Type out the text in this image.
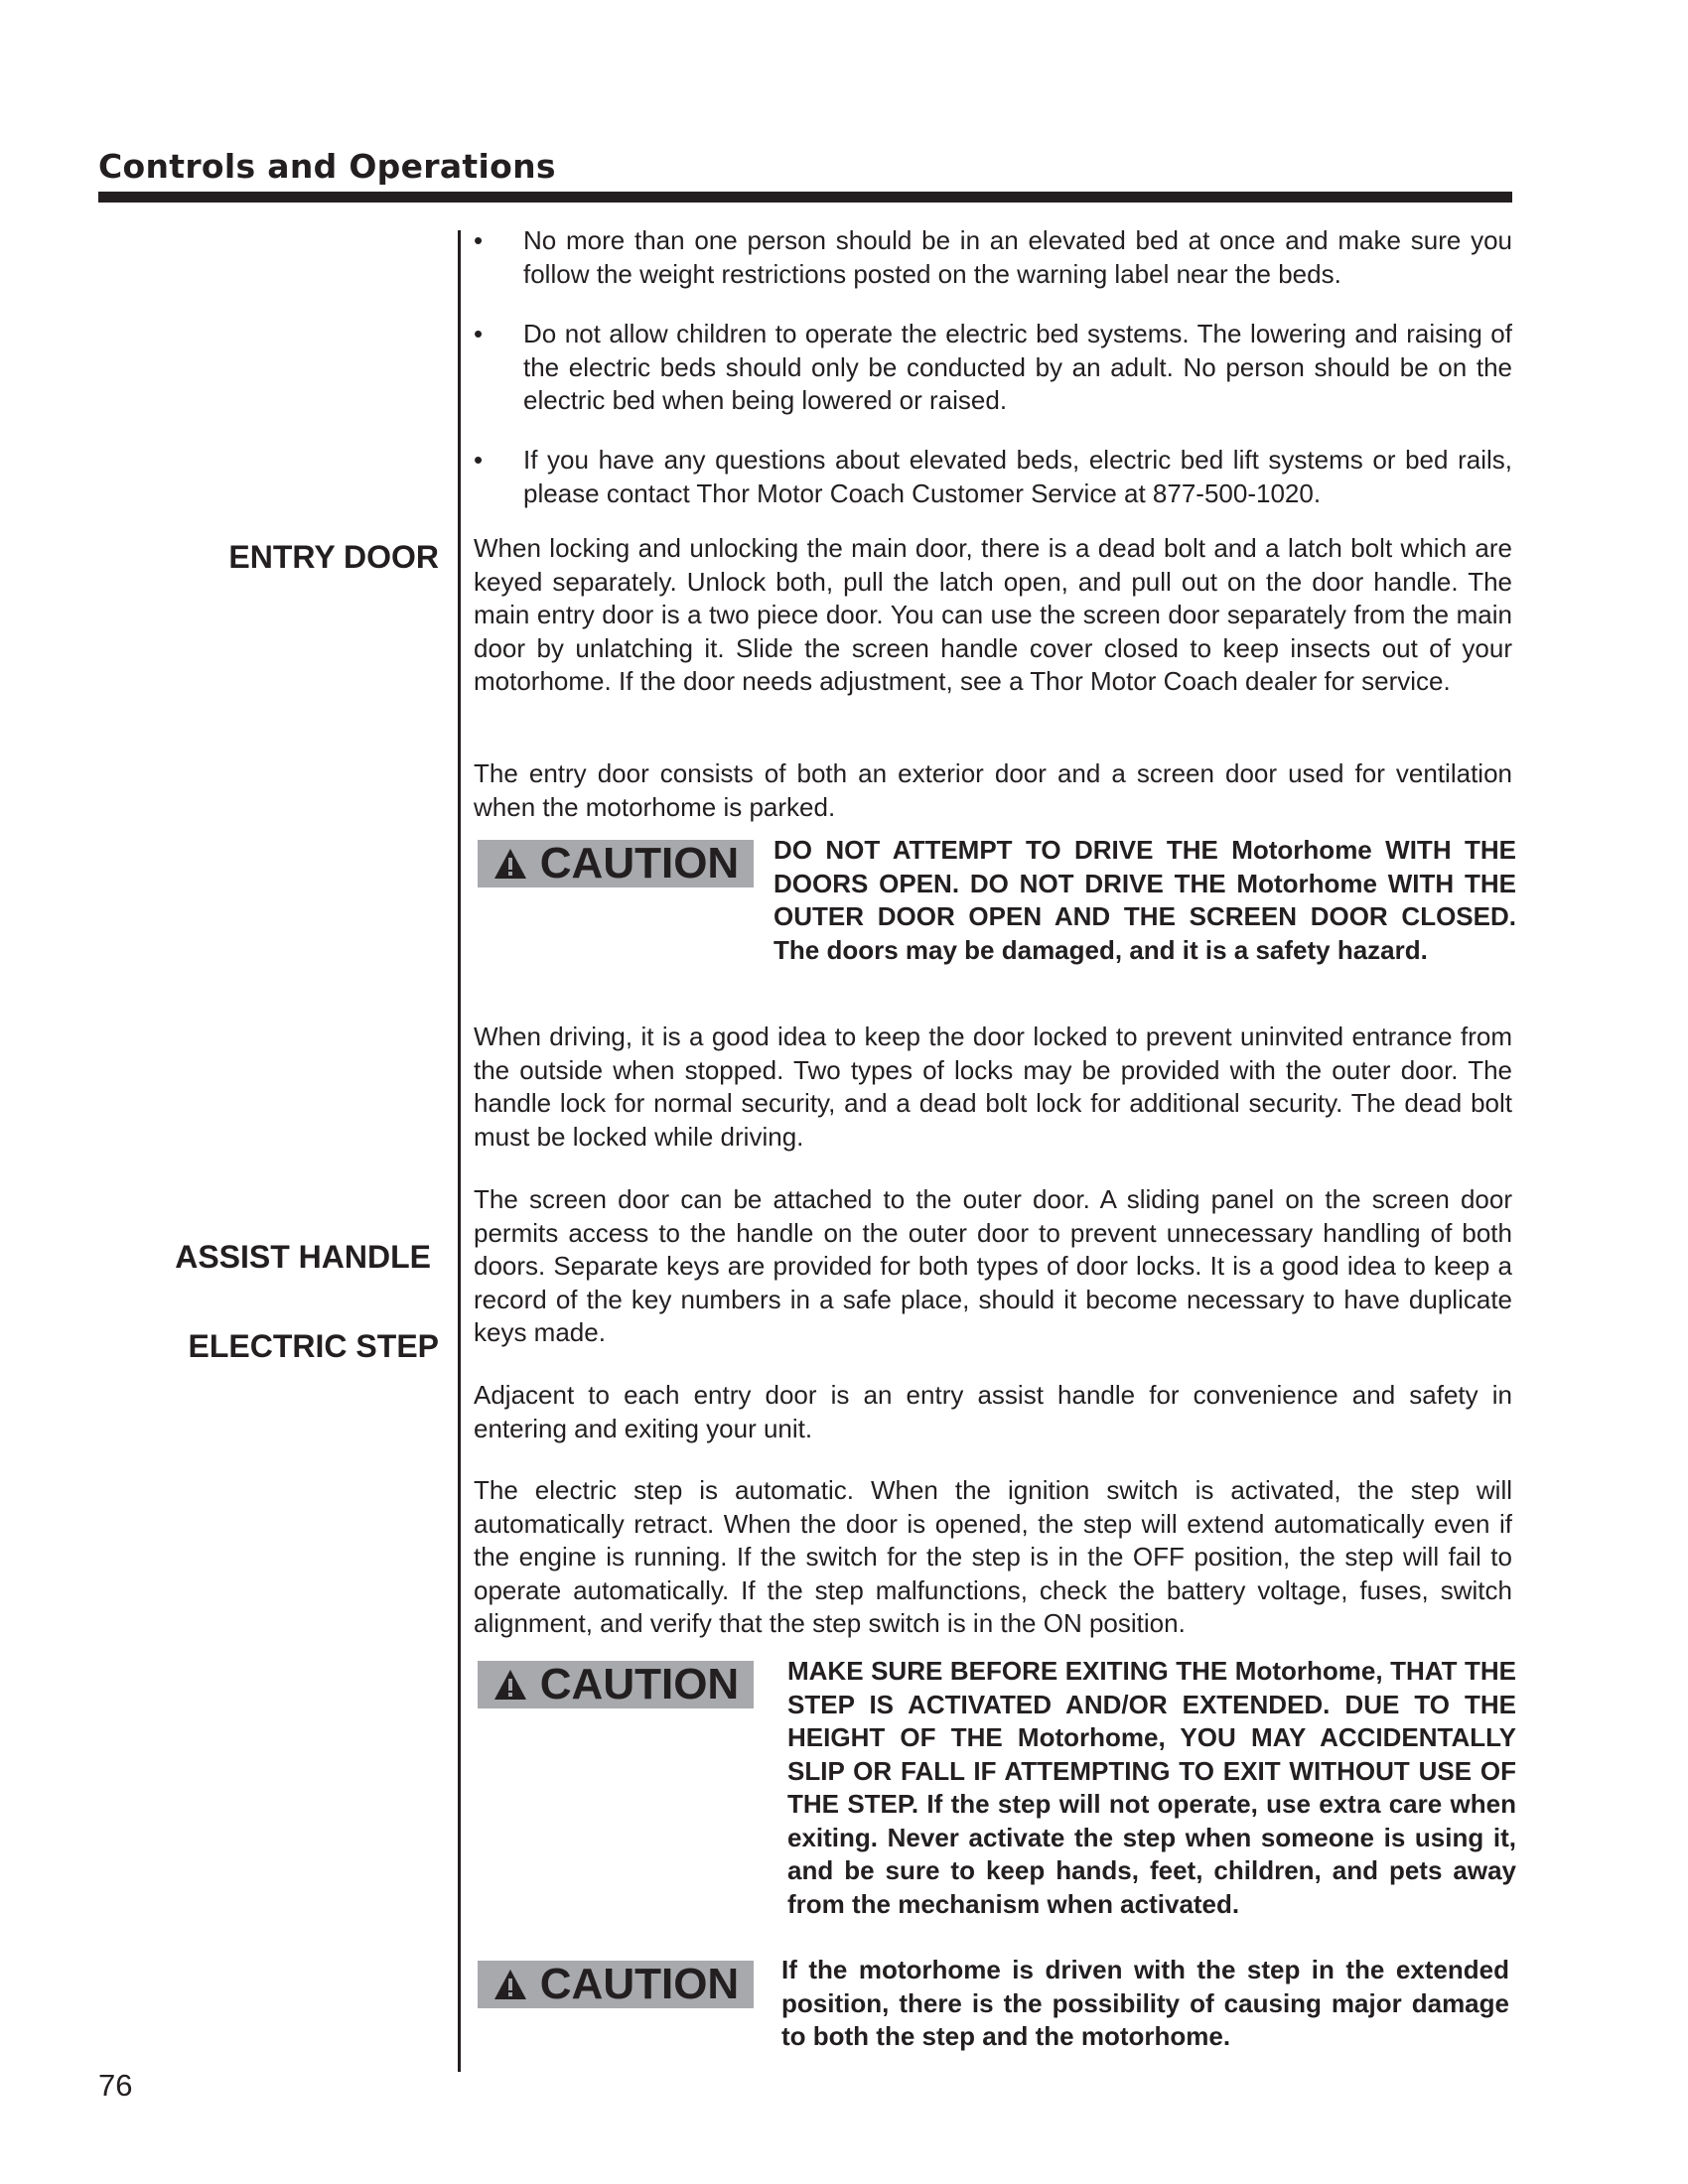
Controls and Operations
• No more than one person should be in an elevated bed at once and make sure you follow the weight restrictions posted on the warning label near the beds.
• Do not allow children to operate the electric bed systems. The lowering and raising of the electric beds should only be conducted by an adult. No person should be on the electric bed when being lowered or raised.
• If you have any questions about elevated beds, electric bed lift systems or bed rails, please contact Thor Motor Coach Customer Service at 877-500-1020.
ENTRY DOOR
ASSIST HANDLE
ELECTRIC STEP
When locking and unlocking the main door, there is a dead bolt and a latch bolt which are keyed separately. Unlock both, pull the latch open, and pull out on the door handle. The main entry door is a two piece door. You can use the screen door separately from the main door by unlatching it. Slide the screen handle cover closed to keep insects out of your motorhome. If the door needs adjustment, see a Thor Motor Coach dealer for service.
The entry door consists of both an exterior door and a screen door used for ventilation when the motorhome is parked.
CAUTION DO NOT ATTEMPT TO DRIVE THE Motorhome WITH THE DOORS OPEN. DO NOT DRIVE THE Motorhome WITH THE OUTER DOOR OPEN AND THE SCREEN DOOR CLOSED. The doors may be damaged, and it is a safety hazard.
When driving, it is a good idea to keep the door locked to prevent uninvited entrance from the outside when stopped. Two types of locks may be provided with the outer door. The handle lock for normal security, and a dead bolt lock for additional security. The dead bolt must be locked while driving.
The screen door can be attached to the outer door. A sliding panel on the screen door permits access to the handle on the outer door to prevent unnecessary handling of both doors. Separate keys are provided for both types of door locks. It is a good idea to keep a record of the key numbers in a safe place, should it become necessary to have duplicate keys made.
Adjacent to each entry door is an entry assist handle for convenience and safety in entering and exiting your unit.
The electric step is automatic. When the ignition switch is activated, the step will automatically retract. When the door is opened, the step will extend automatically even if the engine is running. If the switch for the step is in the OFF position, the step will fail to operate automatically. If the step malfunctions, check the battery voltage, fuses, switch alignment, and verify that the step switch is in the ON position.
CAUTION MAKE SURE BEFORE EXITING THE Motorhome, THAT THE STEP IS ACTIVATED AND/OR EXTENDED. DUE TO THE HEIGHT OF THE Motorhome, YOU MAY ACCIDENTALLY SLIP OR FALL IF ATTEMPTING TO EXIT WITHOUT USE OF THE STEP. If the step will not operate, use extra care when exiting. Never activate the step when someone is using it, and be sure to keep hands, feet, children, and pets away from the mechanism when activated.
CAUTION If the motorhome is driven with the step in the extended position, there is the possibility of causing major damage to both the step and the motorhome.
76
